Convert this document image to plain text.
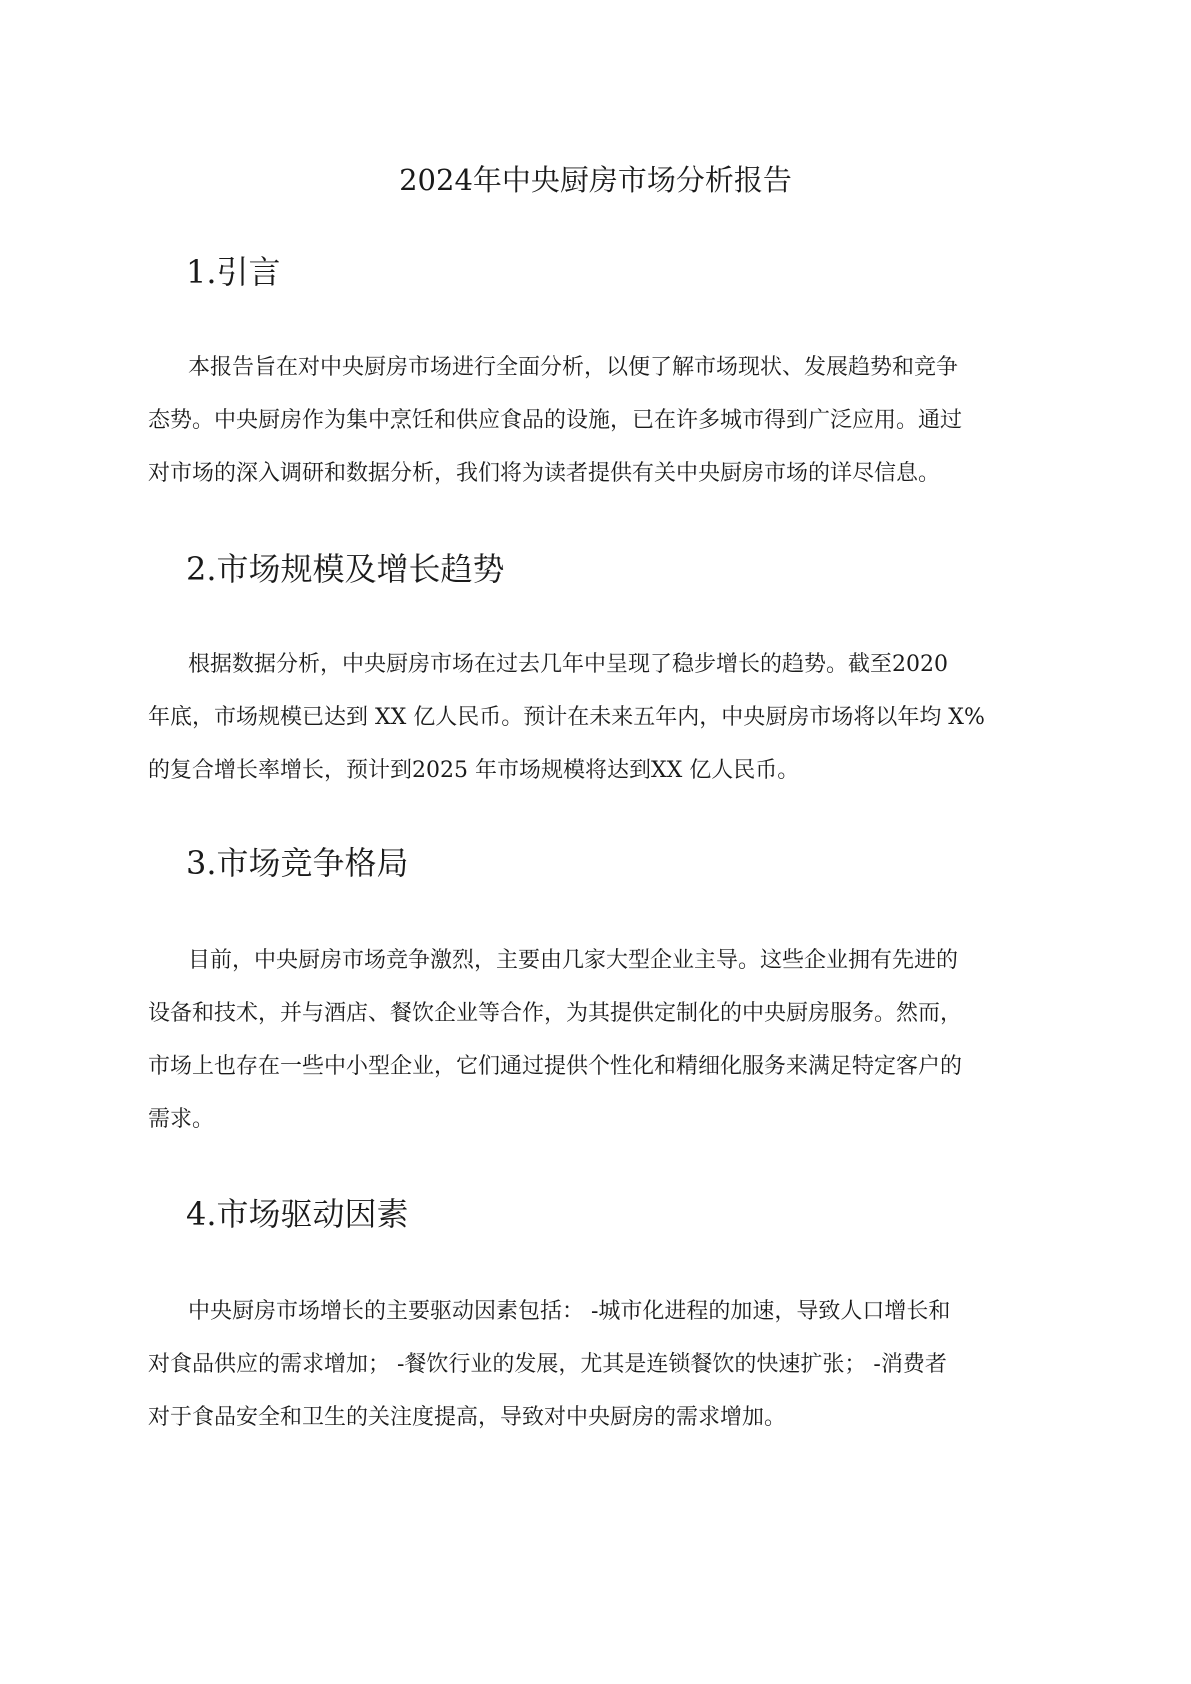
2024年中央厨房市场分析报告
1.引言
本报告旨在对中央厨房市场进行全面分析，以便了解市场现状、发展趋势和竞争
态势。中央厨房作为集中烹饪和供应食品的设施，已在许多城市得到广泛应用。通过
对市场的深入调研和数据分析，我们将为读者提供有关中央厨房市场的详尽信息。
2.市场规模及增长趋势
根据数据分析，中央厨房市场在过去几年中呈现了稳步增长的趋势。截至2020
年底，市场规模已达到 XX 亿人民币。预计在未来五年内，中央厨房市场将以年均 X%
的复合增长率增长，预计到2025 年市场规模将达到XX 亿人民币。
3.市场竞争格局
目前，中央厨房市场竞争激烈，主要由几家大型企业主导。这些企业拥有先进的
设备和技术，并与酒店、餐饮企业等合作，为其提供定制化的中央厨房服务。然而，
市场上也存在一些中小型企业，它们通过提供个性化和精细化服务来满足特定客户的
需求。
4.市场驱动因素
中央厨房市场增长的主要驱动因素包括： -城市化进程的加速，导致人口增长和
对食品供应的需求增加； -餐饮行业的发展，尤其是连锁餐饮的快速扩张； -消费者
对于食品安全和卫生的关注度提高，导致对中央厨房的需求增加。
